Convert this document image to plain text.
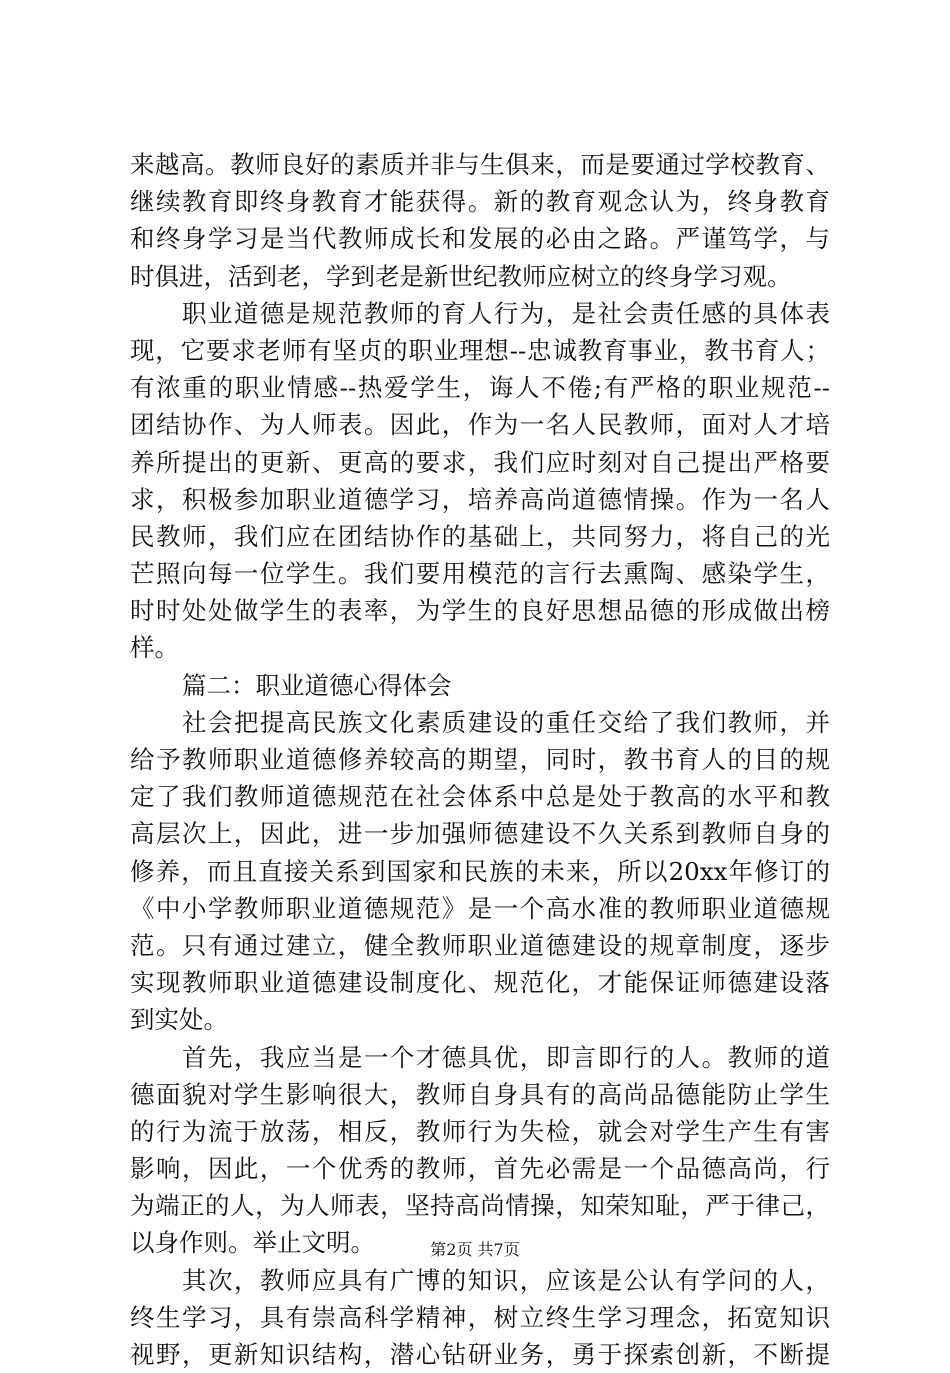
来越高。教师良好的素质并非与生俱来，而是要通过学校教育、
继续教育即终身教育才能获得。新的教育观念认为，终身教育
和终身学习是当代教师成长和发展的必由之路。严谨笃学，与
时俱进，活到老，学到老是新世纪教师应树立的终身学习观。
职业道德是规范教师的育人行为，是社会责任感的具体表
现，它要求老师有坚贞的职业理想--忠诚教育事业，教书育人；
有浓重的职业情感--热爱学生，诲人不倦;有严格的职业规范--
团结协作、为人师表。因此，作为一名人民教师，面对人才培
养所提出的更新、更高的要求，我们应时刻对自己提出严格要
求，积极参加职业道德学习，培养高尚道德情操。作为一名人
民教师，我们应在团结协作的基础上，共同努力，将自己的光
芒照向每一位学生。我们要用模范的言行去熏陶、感染学生，
时时处处做学生的表率，为学生的良好思想品德的形成做出榜
样。
篇二：职业道德心得体会
社会把提高民族文化素质建设的重任交给了我们教师，并
给予教师职业道德修养较高的期望，同时，教书育人的目的规
定了我们教师道德规范在社会体系中总是处于教高的水平和教
高层次上，因此，进一步加强师德建设不久关系到教师自身的
修养，而且直接关系到国家和民族的未来，所以20xx年修订的
《中小学教师职业道德规范》是一个高水准的教师职业道德规
范。只有通过建立，健全教师职业道德建设的规章制度，逐步
实现教师职业道德建设制度化、规范化，才能保证师德建设落
到实处。
首先，我应当是一个才德具优，即言即行的人。教师的道
德面貌对学生影响很大，教师自身具有的高尚品德能防止学生
的行为流于放荡，相反，教师行为失检，就会对学生产生有害
影响，因此，一个优秀的教师，首先必需是一个品德高尚，行
为端正的人，为人师表，坚持高尚情操，知荣知耻，严于律己，
以身作则。举止文明。
其次，教师应具有广博的知识，应该是公认有学问的人，
终生学习，具有崇高科学精神，树立终生学习理念，拓宽知识
视野，更新知识结构，潜心钻研业务，勇于探索创新，不断提
第2页 共7页
